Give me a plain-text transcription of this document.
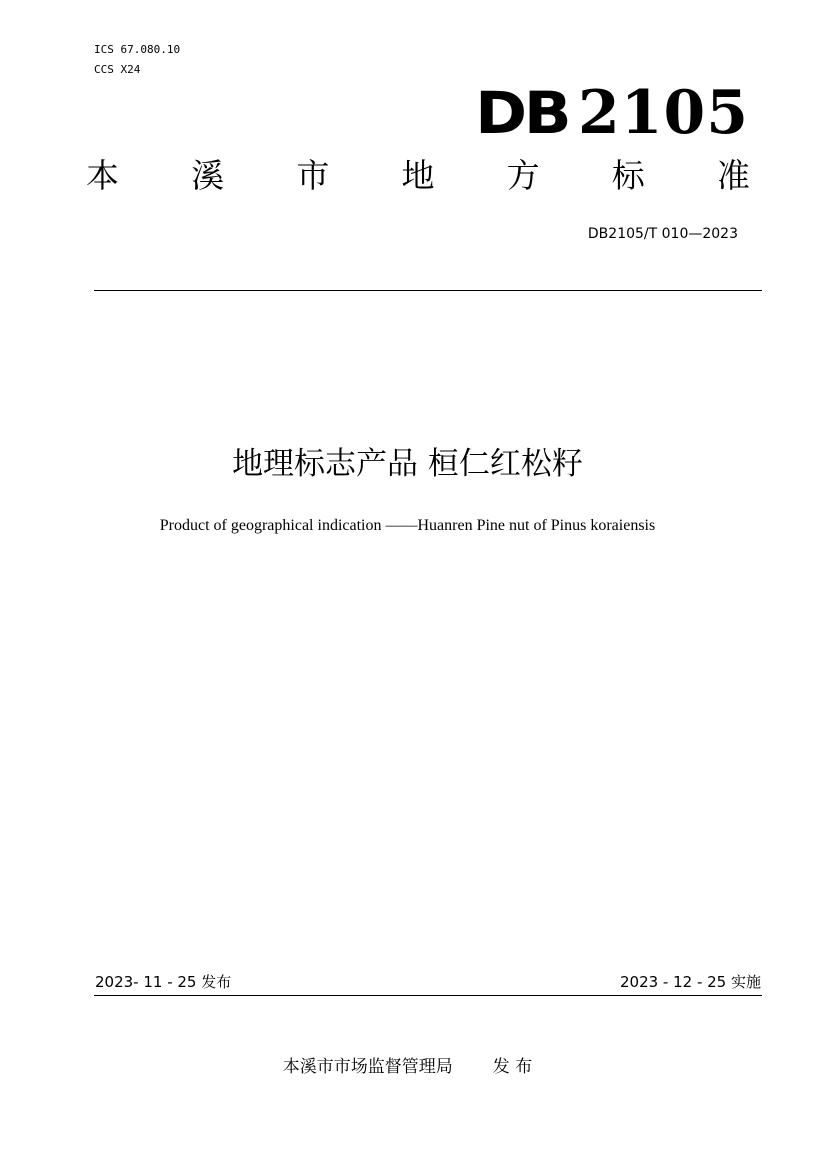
ICS 67.080.10
CCS X24
DB 2105
本 溪 市 地 方 标 准
DB2105/T 010—2023
地理标志产品 桓仁红松籽
Product of geographical indication ——Huanren Pine nut of Pinus koraiensis
2023- 11 - 25 发布	2023 - 12 - 25 实施
本溪市市场监督管理局 发 布
